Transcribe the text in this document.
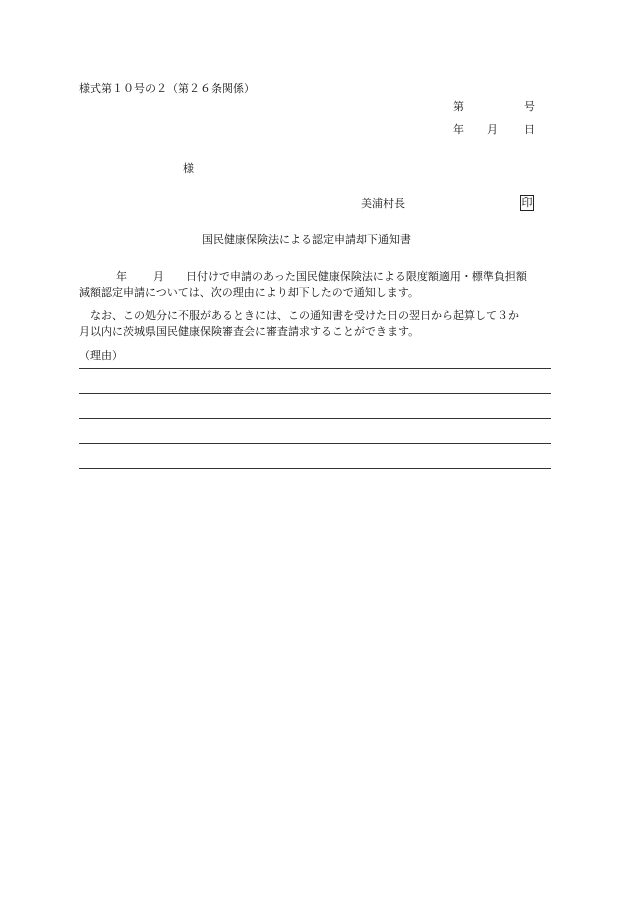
様式第１０号の２（第２６条関係）
第	号
年 月 日
様
美浦村長	印
国民健康保険法による認定申請却下通知書
年 月 日付けで申請のあった国民健康保険法による限度額適用・標準負担額
減額認定申請については、次の理由により却下したので通知します。
なお、この処分に不服があるときには、この通知書を受けた日の翌日から起算して３か
月以内に茨城県国民健康保険審査会に審査請求することができます。
（理由）
